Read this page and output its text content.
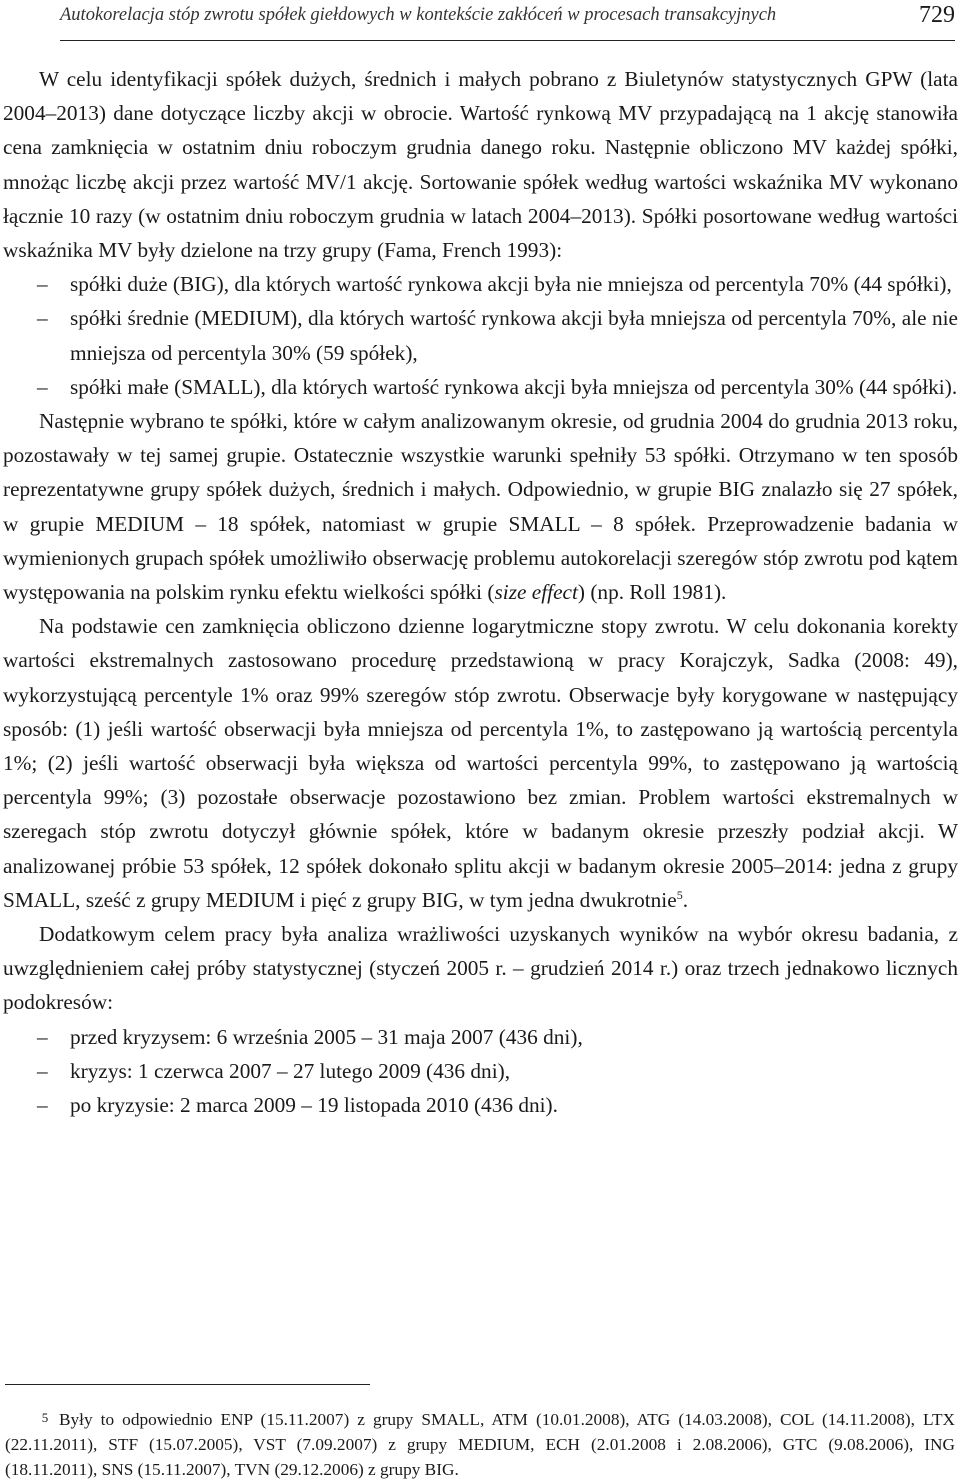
Autokorelacja stóp zwrotu spółek giełdowych w kontekście zakłóceń w procesach transakcyjnych	729

W celu identyfikacji spółek dużych, średnich i małych pobrano z Biuletynów statystycznych GPW (lata 2004–2013) dane dotyczące liczby akcji w obrocie. Wartość rynkową MV przypadającą na 1 akcję stanowiła cena zamknięcia w ostatnim dniu roboczym grudnia danego roku. Następnie obliczono MV każdej spółki, mnożąc liczbę akcji przez wartość MV/1 akcję. Sortowanie spółek według wartości wskaźnika MV wykonano łącznie 10 razy (w ostatnim dniu roboczym grudnia w latach 2004–2013). Spółki posortowane według wartości wskaźnika MV były dzielone na trzy grupy (Fama, French 1993):

– spółki duże (BIG), dla których wartość rynkowa akcji była nie mniejsza od percentyla 70% (44 spółki),
– spółki średnie (MEDIUM), dla których wartość rynkowa akcji była mniejsza od percentyla 70%, ale nie mniejsza od percentyla 30% (59 spółek),
– spółki małe (SMALL), dla których wartość rynkowa akcji była mniejsza od percentyla 30% (44 spółki).

Następnie wybrano te spółki, które w całym analizowanym okresie, od grudnia 2004 do grudnia 2013 roku, pozostawały w tej samej grupie. Ostatecznie wszystkie warunki spełniły 53 spółki. Otrzymano w ten sposób reprezentatywne grupy spółek dużych, średnich i małych. Odpowiednio, w grupie BIG znalazło się 27 spółek, w grupie MEDIUM – 18 spółek, natomiast w grupie SMALL – 8 spółek. Przeprowadzenie badania w wymienionych grupach spółek umożliwiło obserwację problemu autokorelacji szeregów stóp zwrotu pod kątem występowania na polskim rynku efektu wielkości spółki (size effect) (np. Roll 1981).

Na podstawie cen zamknięcia obliczono dzienne logarytmiczne stopy zwrotu. W celu dokonania korekty wartości ekstremalnych zastosowano procedurę przedstawioną w pracy Korajczyk, Sadka (2008: 49), wykorzystującą percentyle 1% oraz 99% szeregów stóp zwrotu. Obserwacje były korygowane w następujący sposób: (1) jeśli wartość obserwacji była mniejsza od percentyla 1%, to zastępowano ją wartością percentyla 1%; (2) jeśli wartość obserwacji była większa od wartości percentyla 99%, to zastępowano ją wartością percentyla 99%; (3) pozostałe obserwacje pozostawiono bez zmian. Problem wartości ekstremalnych w szeregach stóp zwrotu dotyczył głównie spółek, które w badanym okresie przeszły podział akcji. W analizowanej próbie 53 spółek, 12 spółek dokonało splitu akcji w badanym okresie 2005–2014: jedna z grupy SMALL, sześć z grupy MEDIUM i pięć z grupy BIG, w tym jedna dwukrotnie$^5$.

Dodatkowym celem pracy była analiza wrażliwości uzyskanych wyników na wybór okresu badania, z uwzględnieniem całej próby statystycznej (styczeń 2005 r. – grudzień 2014 r.) oraz trzech jednakowo licznych podokresów:

– przed kryzysem: 6 września 2005 – 31 maja 2007 (436 dni),
– kryzys: 1 czerwca 2007 – 27 lutego 2009 (436 dni),
– po kryzysie: 2 marca 2009 – 19 listopada 2010 (436 dni).
5 Były to odpowiednio ENP (15.11.2007) z grupy SMALL, ATM (10.01.2008), ATG (14.03.2008), COL (14.11.2008), LTX (22.11.2011), STF (15.07.2005), VST (7.09.2007) z grupy MEDIUM, ECH (2.01.2008 i 2.08.2006), GTC (9.08.2006), ING (18.11.2011), SNS (15.11.2007), TVN (29.12.2006) z grupy BIG.
